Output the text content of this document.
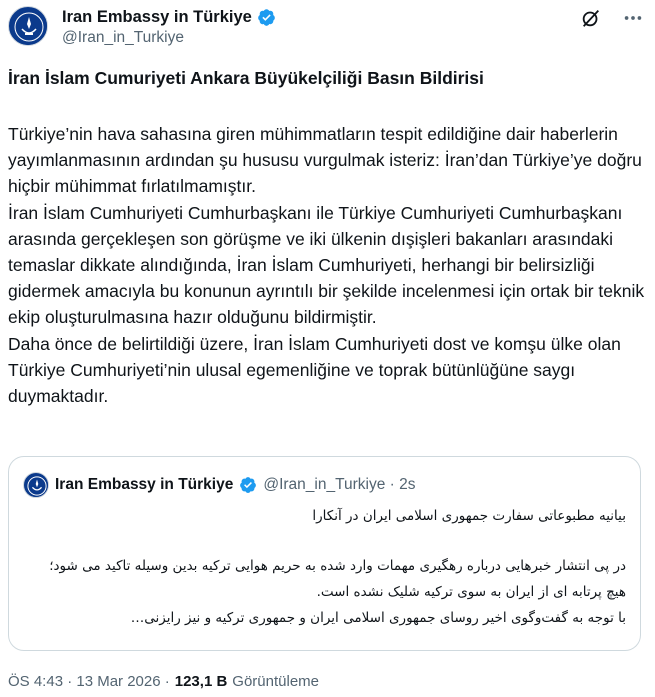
Iran Embassy in Türkiye
@Iran_in_Turkiye
İran İslam Cumuriyeti Ankara Büyükelçiliği Basın Bildirisi

Türkiye’nin hava sahasına giren mühimmatların tespit edildiğine dair haberlerin yayımlanmasının ardından şu hususu vurgulmak isteriz: İran’dan Türkiye’ye doğru hiçbir mühimmat fırlatılmamıştır.

İran İslam Cumhuriyeti Cumhurbaşkanı ile Türkiye Cumhuriyeti Cumhurbaşkanı arasında gerçekleşen son görüşme ve iki ülkenin dışişleri bakanları arasındaki temaslar dikkate alındığında, İran İslam Cumhuriyeti, herhangi bir belirsizliği gidermek amacıyla bu konunun ayrıntılı bir şekilde incelenmesi için ortak bir teknik ekip oluşturulmasına hazır olduğunu bildirmiştir.

Daha önce de belirtildiği üzere, İran İslam Cumhuriyeti dost ve komşu ülke olan Türkiye Cumhuriyeti’nin ulusal egemenliğine ve toprak bütünlüğüne saygı duymaktadır.

Iran Embassy in Türkiye @Iran_in_Turkiye · 2s

بیانیه مطبوعاتی سفارت جمهوری اسلامی ایران در آنکارا

در پی انتشار خبرهایی درباره رهگیری مهمات وارد شده به حریم هوایی ترکیه بدین وسیله تاکید می شود؛ هیچ پرتابه ای از ایران به سوی ترکیه شلیک نشده است.

با توجه به گفت‌وگوی اخیر روسای جمهوری اسلامی ایران و جمهوری ترکیه و نیز رایزنی…

ÖS 4:43 · 13 Mar 2026 · 123,1 B Görüntüleme
